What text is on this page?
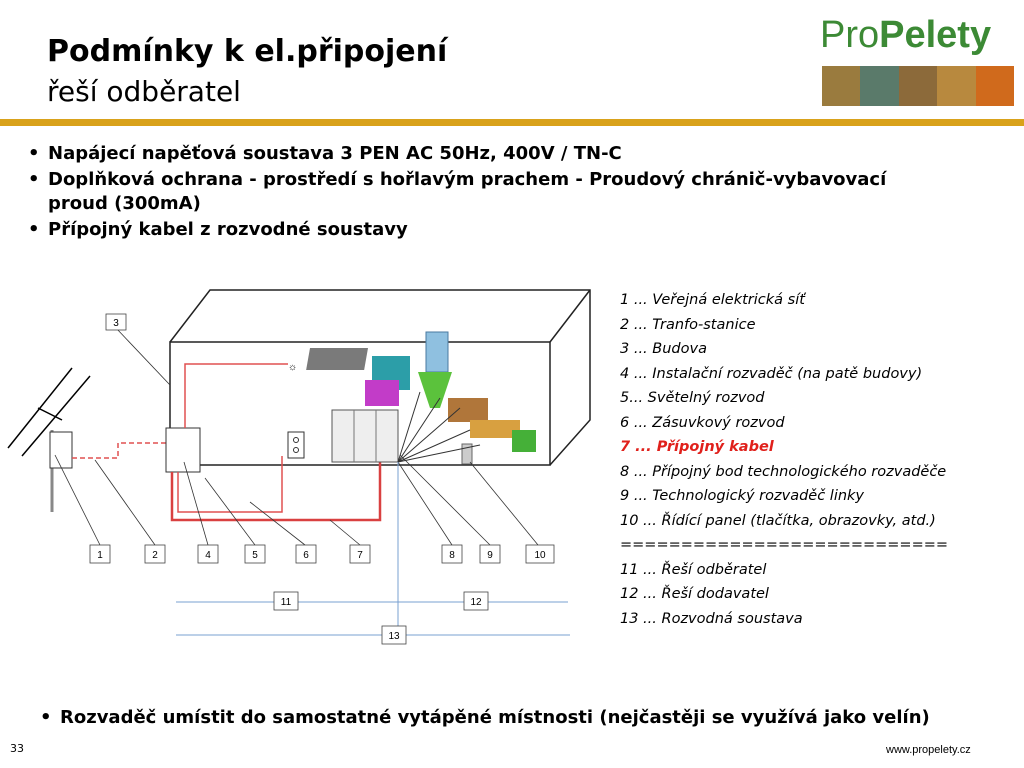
Podmínky k el.připojení
řeší odběratel
ProPelety
• Napájecí napěťová soustava 3 PEN AC 50Hz, 400V / TN-C
• Doplňková ochrana - prostředí s hořlavým prachem - Proudový chránič-vybavovací proud (300mA)
• Přípojný kabel z rozvodné soustavy
☼
3
1	2	4	5	6	7	8	9	10
11	12
13
1 ... Veřejná elektrická síť
2 ... Tranfo-stanice
3 ... Budova
4 ... Instalační rozvaděč (na patě budovy)
5... Světelný rozvod
6 ... Zásuvkový rozvod
7 ... Přípojný kabel
8 ... Přípojný bod technologického rozvaděče
9 ... Technologický rozvaděč linky
10 ... Řídící panel (tlačítka, obrazovky, atd.)
===========================
11 ... Řeší odběratel
12 ... Řeší dodavatel
13 ... Rozvodná soustava
• Rozvaděč umístit do samostatné vytápěné místnosti (nejčastěji se využívá jako velín)
33	www.propelety.cz
